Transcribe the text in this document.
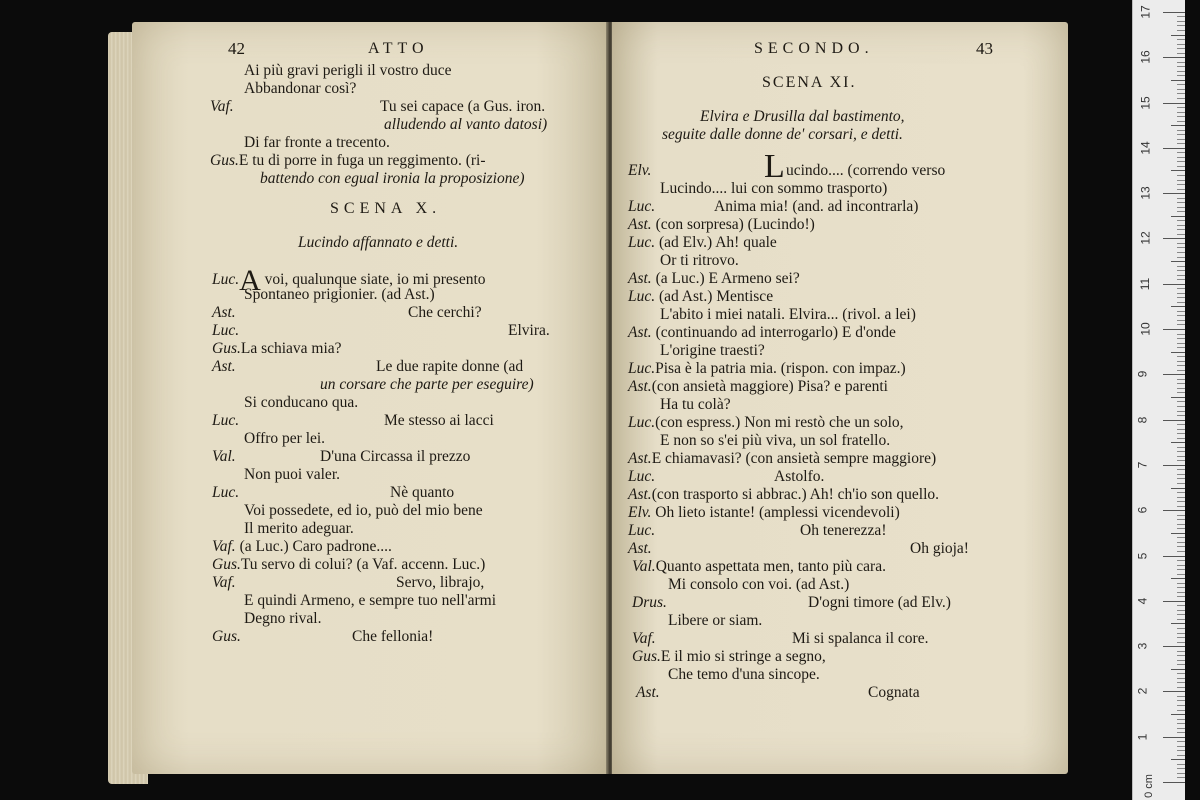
42	ATTO
Ai più gravi perigli il vostro duce
Abbandonar così?
Vaf.	Tu sei capace (a Gus. iron.
alludendo al vanto datosi)
Di far fronte a trecento.
Gus.E tu di porre in fuga un reggimento. (ri-
battendo con egual ironia la proposizione)
SCENA X.
Lucindo affannato e detti.
Luc.A voi, qualunque siate, io mi presento
Spontaneo prigionier. (ad Ast.)
Ast.	Che cerchi?
Luc.	Elvira.
Gus.La schiava mia?
Ast.	Le due rapite donne (ad
un corsare che parte per eseguire)
Si conducano qua.
Luc.	Me stesso ai lacci
Offro per lei.
Val.	D'una Circassa il prezzo
Non puoi valer.
Luc.	Nè quanto
Voi possedete, ed io, può del mio bene
Il merito adeguar.
Vaf. (a Luc.) Caro padrone....
Gus.Tu servo di colui? (a Vaf. accenn. Luc.)
Vaf.	Servo, librajo,
E quindi Armeno, e sempre tuo nell'armi
Degno rival.
Gus.	Che fellonia!
SECONDO.	43
SCENA XI.
Elvira e Drusilla dal bastimento,
seguite dalle donne de' corsari, e detti.
Elv.	L ucindo.... (correndo verso
Lucindo.... lui con sommo trasporto)
Luc.	Anima mia! (and. ad incontrarla)
Ast. (con sorpresa) (Lucindo!)
Luc. (ad Elv.) Ah! quale
Or ti ritrovo.
Ast. (a Luc.) E Armeno sei?
Luc. (ad Ast.) Mentisce
L'abito i miei natali. Elvira... (rivol. a lei)
Ast. (continuando ad interrogarlo) E d'onde
L'origine traesti?
Luc.Pisa è la patria mia. (rispon. con impaz.)
Ast.(con ansietà maggiore) Pisa? e parenti
Ha tu colà?
Luc.(con espress.) Non mi restò che un solo,
E non so s'ei più viva, un sol fratello.
Ast.E chiamavasi? (con ansietà sempre maggiore)
Luc.	Astolfo.
Ast.(con trasporto si abbrac.) Ah! ch'io son quello.
Elv. Oh lieto istante! (amplessi vicendevoli)
Luc.	Oh tenerezza!
Ast.	Oh gioja!
Val.Quanto aspettata men, tanto più cara.
Mi consolo con voi. (ad Ast.)
Drus.	D'ogni timore (ad Elv.)
Libere or siam.
Vaf.	Mi si spalanca il core.
Gus.E il mio si stringe a segno,
Che temo d'una sincope.
Ast.	Cognata
0 cm
1
2
3
4
5
6
7
8
9
10
11
12
13
14
15
16
17
